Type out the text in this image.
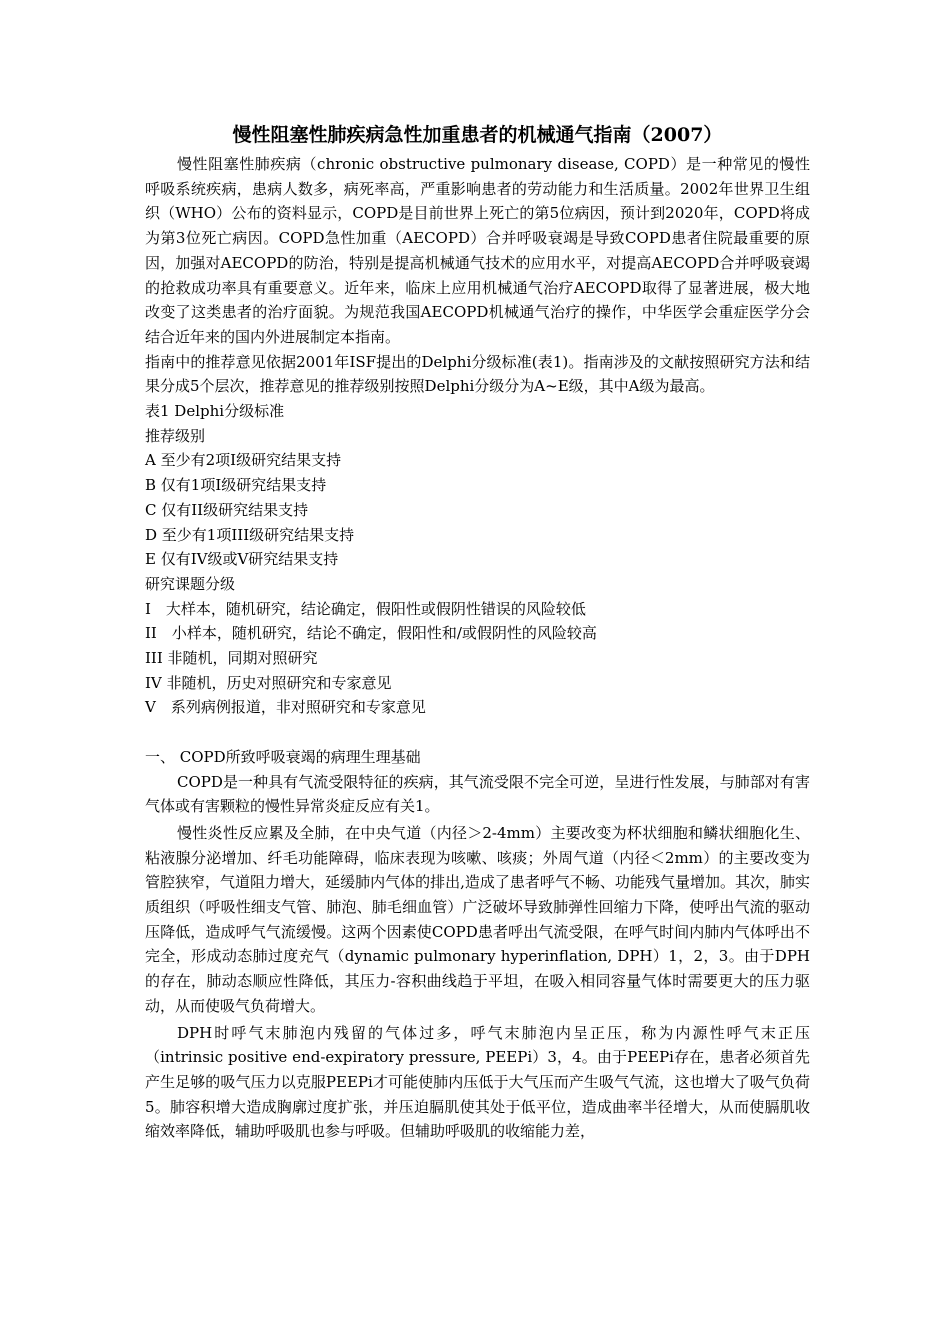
慢性阻塞性肺疾病急性加重患者的机械通气指南（2007）

慢性阻塞性肺疾病（chronic obstructive pulmonary disease, COPD）是一种常见的慢性呼吸系统疾病，患病人数多，病死率高，严重影响患者的劳动能力和生活质量。2002年世界卫生组织（WHO）公布的资料显示，COPD是目前世界上死亡的第5位病因，预计到2020年，COPD将成为第3位死亡病因。COPD急性加重（AECOPD）合并呼吸衰竭是导致COPD患者住院最重要的原因，加强对AECOPD的防治，特别是提高机械通气技术的应用水平，对提高AECOPD合并呼吸衰竭的抢救成功率具有重要意义。近年来，临床上应用机械通气治疗AECOPD取得了显著进展，极大地改变了这类患者的治疗面貌。为规范我国AECOPD机械通气治疗的操作，中华医学会重症医学分会结合近年来的国内外进展制定本指南。

指南中的推荐意见依据2001年ISF提出的Delphi分级标准(表1)。指南涉及的文献按照研究方法和结果分成5个层次，推荐意见的推荐级别按照Delphi分级分为A~E级，其中A级为最高。

表1 Delphi分级标准

推荐级别

A 至少有2项I级研究结果支持

B 仅有1项I级研究结果支持

C 仅有II级研究结果支持

D 至少有1项III级研究结果支持

E 仅有IV级或V研究结果支持

研究课题分级

I　大样本，随机研究，结论确定，假阳性或假阴性错误的风险较低

II　小样本，随机研究，结论不确定，假阳性和/或假阴性的风险较高

III 非随机，同期对照研究

IV 非随机，历史对照研究和专家意见

V　系列病例报道，非对照研究和专家意见

一、 COPD所致呼吸衰竭的病理生理基础

COPD是一种具有气流受限特征的疾病，其气流受限不完全可逆，呈进行性发展，与肺部对有害气体或有害颗粒的慢性异常炎症反应有关1。

慢性炎性反应累及全肺，在中央气道（内径＞2-4mm）主要改变为杯状细胞和鳞状细胞化生、粘液腺分泌增加、纤毛功能障碍，临床表现为咳嗽、咳痰；外周气道（内径＜2mm）的主要改变为管腔狭窄，气道阻力增大，延缓肺内气体的排出,造成了患者呼气不畅、功能残气量增加。其次，肺实质组织（呼吸性细支气管、肺泡、肺毛细血管）广泛破坏导致肺弹性回缩力下降，使呼出气流的驱动压降低，造成呼气气流缓慢。这两个因素使COPD患者呼出气流受限，在呼气时间内肺内气体呼出不完全，形成动态肺过度充气（dynamic pulmonary hyperinflation, DPH）1，2，3。由于DPH的存在，肺动态顺应性降低，其压力-容积曲线趋于平坦，在吸入相同容量气体时需要更大的压力驱动，从而使吸气负荷增大。

DPH时呼气末肺泡内残留的气体过多，呼气末肺泡内呈正压，称为内源性呼气末正压（intrinsic positive end-expiratory pressure, PEEPi）3，4。由于PEEPi存在，患者必须首先产生足够的吸气压力以克服PEEPi才可能使肺内压低于大气压而产生吸气气流，这也增大了吸气负荷5。肺容积增大造成胸廓过度扩张，并压迫膈肌使其处于低平位，造成曲率半径增大，从而使膈肌收缩效率降低，辅助呼吸肌也参与呼吸。但辅助呼吸肌的收缩能力差，
